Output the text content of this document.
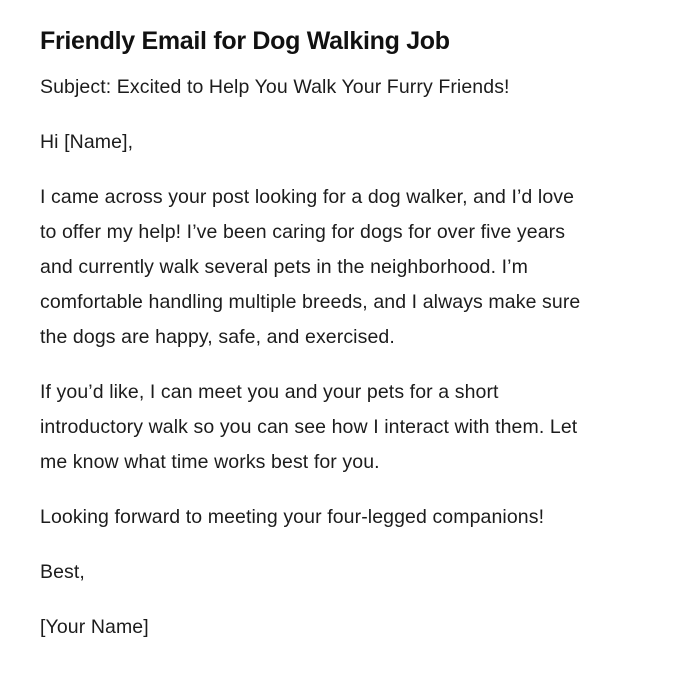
Friendly Email for Dog Walking Job

Subject: Excited to Help You Walk Your Furry Friends!

Hi [Name],

I came across your post looking for a dog walker, and I’d love

to offer my help! I’ve been caring for dogs for over five years

and currently walk several pets in the neighborhood. I’m

comfortable handling multiple breeds, and I always make sure

the dogs are happy, safe, and exercised.

If you’d like, I can meet you and your pets for a short

introductory walk so you can see how I interact with them. Let

me know what time works best for you.

Looking forward to meeting your four-legged companions!

Best,

[Your Name]
